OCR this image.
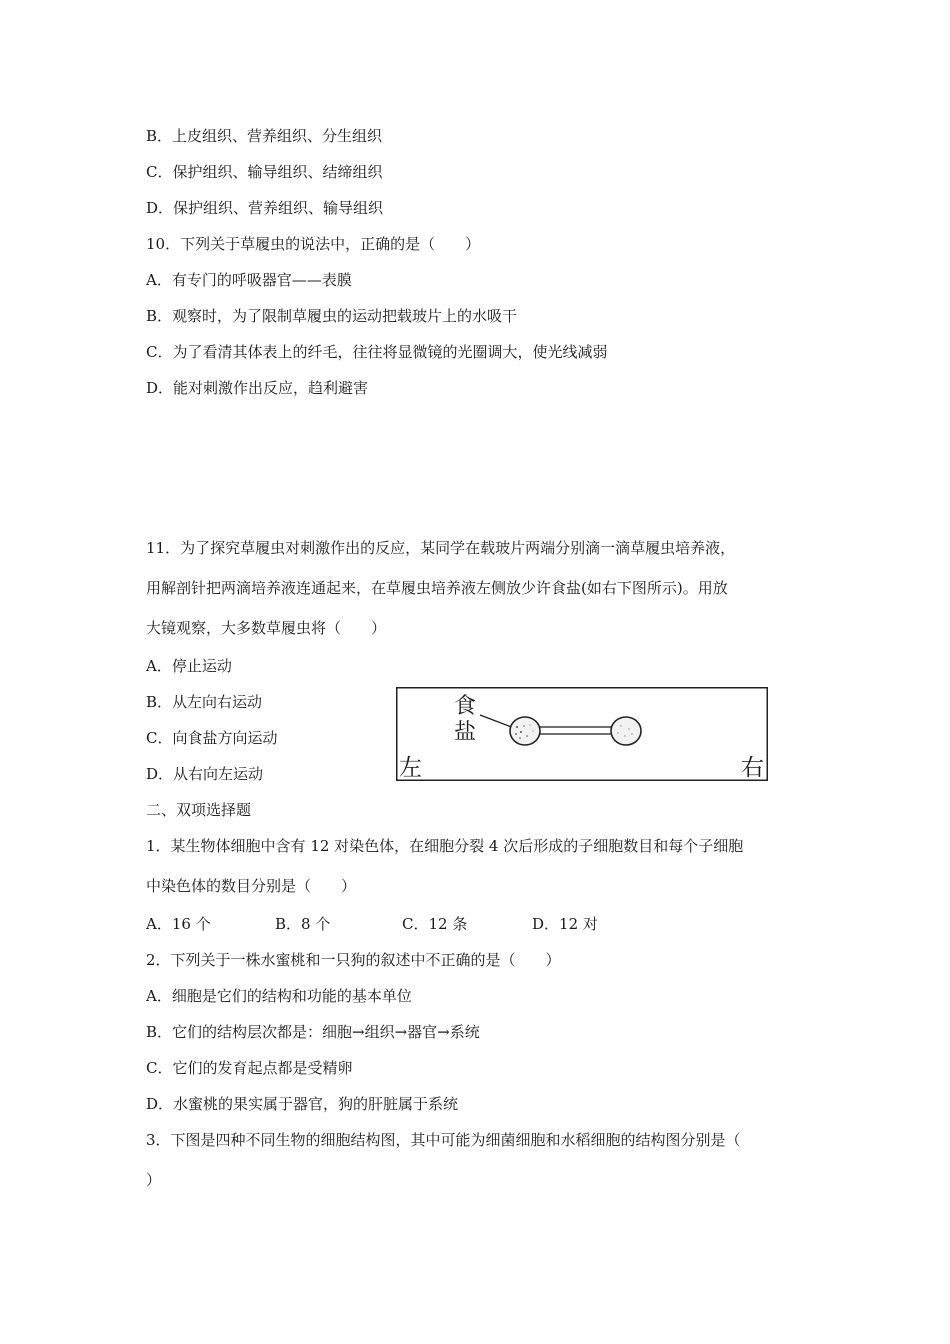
B．上皮组织、营养组织、分生组织
C．保护组织、输导组织、结缔组织
D．保护组织、营养组织、输导组织
10．下列关于草履虫的说法中，正确的是（　　）
A．有专门的呼吸器官——表膜
B．观察时，为了限制草履虫的运动把载玻片上的水吸干
C．为了看清其体表上的纤毛，往往将显微镜的光圈调大，使光线减弱
D．能对刺激作出反应，趋利避害
11．为了探究草履虫对刺激作出的反应，某同学在载玻片两端分别滴一滴草履虫培养液，
用解剖针把两滴培养液连通起来，在草履虫培养液左侧放少许食盐(如右下图所示)。用放
大镜观察，大多数草履虫将（　　）
A．停止运动
B．从左向右运动
C．向食盐方向运动
D．从右向左运动
食
盐
左	右
二、双项选择题
1．某生物体细胞中含有 12 对染色体，在细胞分裂 4 次后形成的子细胞数目和每个子细胞
中染色体的数目分别是（　　）
A．16 个	B．8 个	C．12 条	D．12 对
2．下列关于一株水蜜桃和一只狗的叙述中不正确的是（　　）
A．细胞是它们的结构和功能的基本单位
B．它们的结构层次都是：细胞→组织→器官→系统
C．它们的发育起点都是受精卵
D．水蜜桃的果实属于器官，狗的肝脏属于系统
3．下图是四种不同生物的细胞结构图，其中可能为细菌细胞和水稻细胞的结构图分别是（
）
